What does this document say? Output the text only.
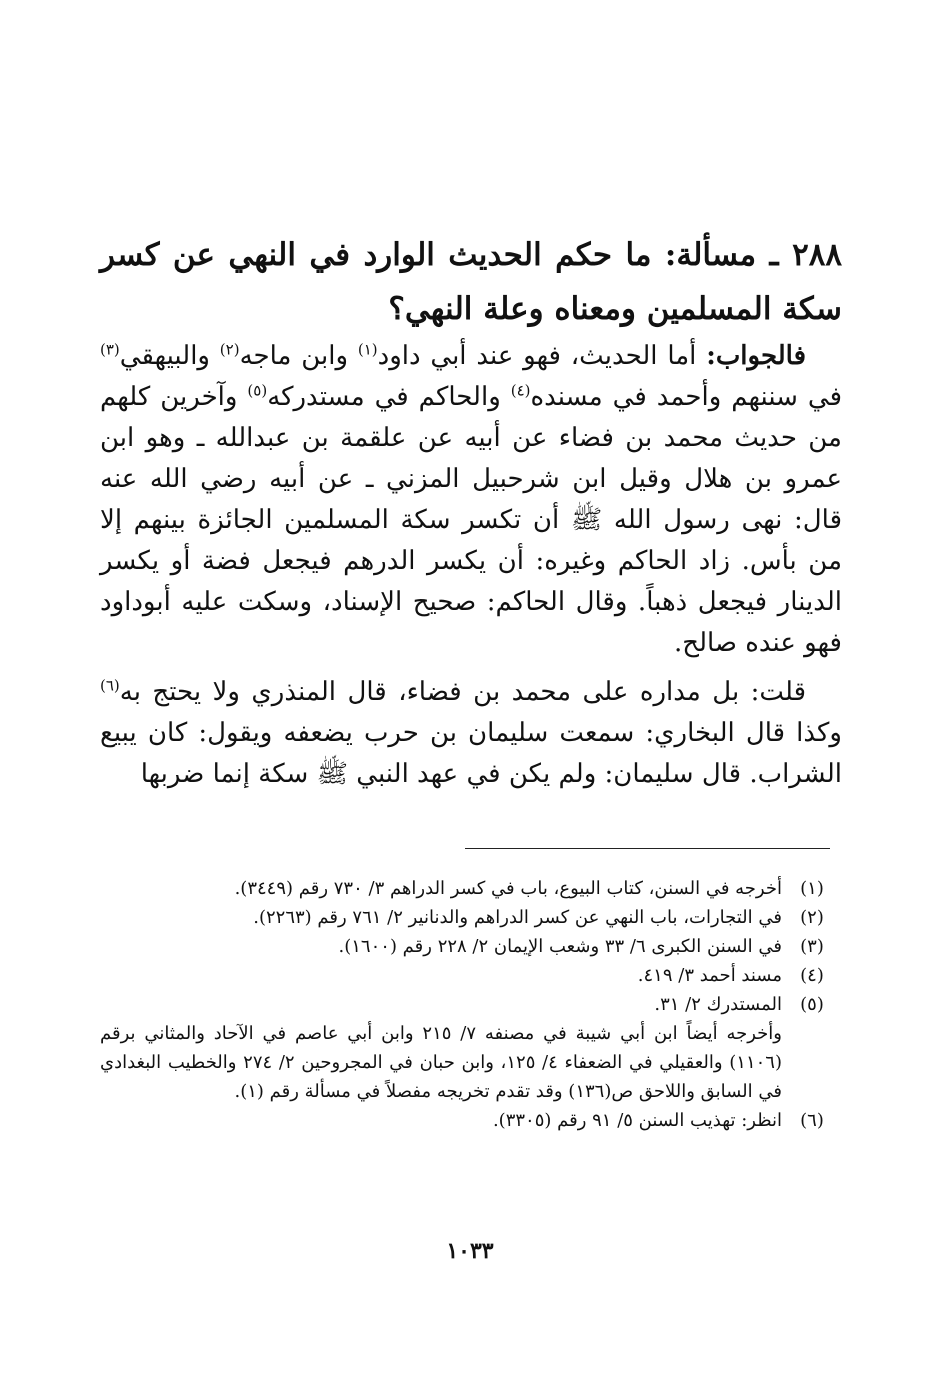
٢٨٨ ـ مسألة: ما حكم الحديث الوارد في النهي عن كسر سكة المسلمين ومعناه وعلة النهي؟

فالجواب: أما الحديث، فهو عند أبي داود$^{(١)}$ وابن ماجه$^{(٢)}$ والبيهقي$^{(٣)}$ في سننهم وأحمد في مسنده$^{(٤)}$ والحاكم في مستدركه$^{(٥)}$ وآخرين كلهم من حديث محمد بن فضاء عن أبيه عن علقمة بن عبدالله ـ وهو ابن عمرو بن هلال وقيل ابن شرحبيل المزني ـ عن أبيه رضي الله عنه قال: نهى رسول الله ﷺ أن تكسر سكة المسلمين الجائزة بينهم إلا من بأس. زاد الحاكم وغيره: أن يكسر الدرهم فيجعل فضة أو يكسر الدينار فيجعل ذهباً. وقال الحاكم: صحيح الإسناد، وسكت عليه أبوداود فهو عنده صالح.

قلت: بل مداره على محمد بن فضاء، قال المنذري ولا يحتج به$^{(٦)}$ وكذا قال البخاري: سمعت سليمان بن حرب يضعفه ويقول: كان يبيع الشراب. قال سليمان: ولم يكن في عهد النبي ﷺ سكة إنما ضربها

(١)
أخرجه في السنن، كتاب البيوع، باب في كسر الدراهم ٣/ ٧٣٠ رقم (٣٤٤٩).
(٢)
في التجارات، باب النهي عن كسر الدراهم والدنانير ٢/ ٧٦١ رقم (٢٢٦٣).
(٣)
في السنن الكبرى ٦/ ٣٣ وشعب الإيمان ٢/ ٢٢٨ رقم (١٦٠٠).
(٤)
مسند أحمد ٣/ ٤١٩.
(٥)
المستدرك ٢/ ٣١.
وأخرجه أيضاً ابن أبي شيبة في مصنفه ٧/ ٢١٥ وابن أبي عاصم في الآحاد والمثاني برقم (١١٠٦) والعقيلي في الضعفاء ٤/ ١٢٥، وابن حبان في المجروحين ٢/ ٢٧٤ والخطيب البغدادي في السابق واللاحق ص(١٣٦) وقد تقدم تخريجه مفصلاً في مسألة رقم (١).
(٦)
انظر: تهذيب السنن ٥/ ٩١ رقم (٣٣٠٥).
١٠٣٣
